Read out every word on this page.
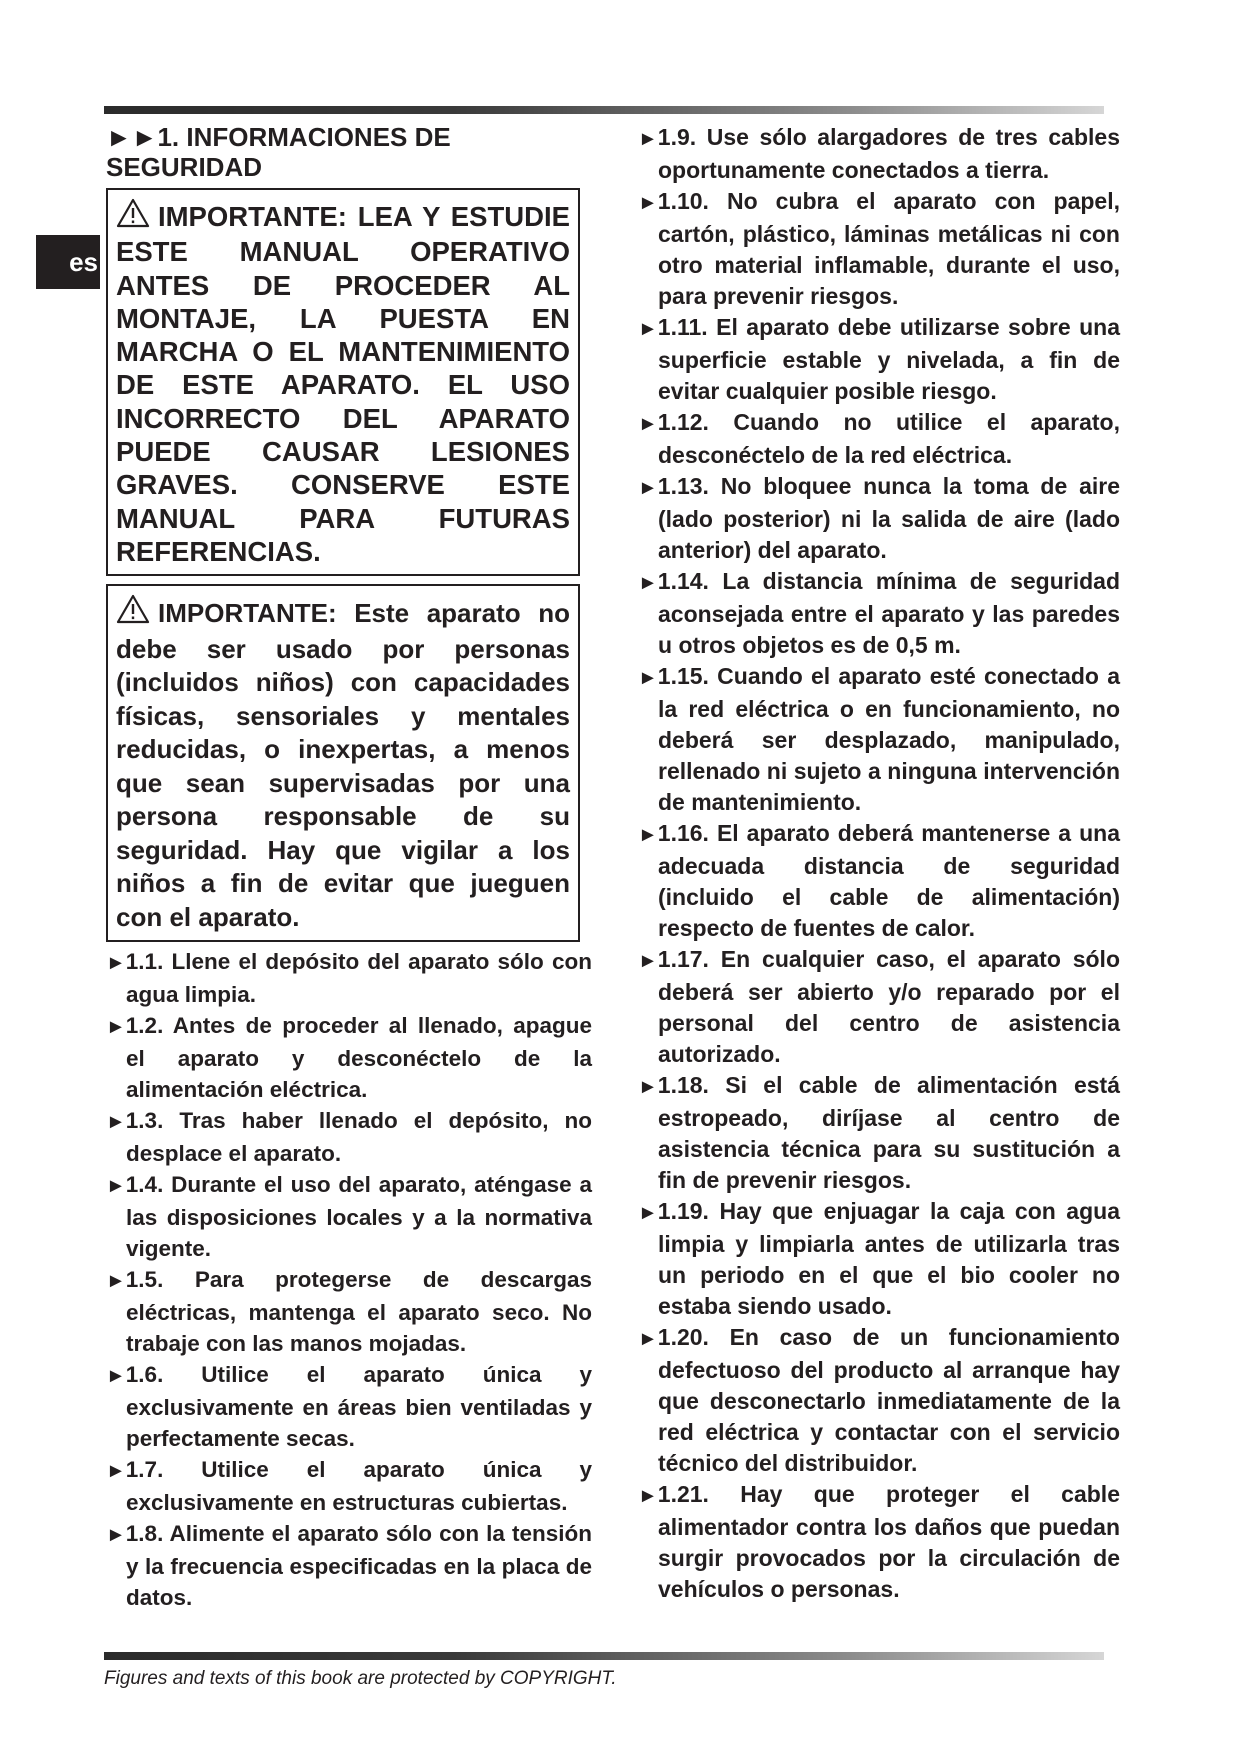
es
►►1. INFORMACIONES DE
SEGURIDAD
IMPORTANTE: LEA Y ESTUDIE ESTE MANUAL OPERATIVO ANTES DE PROCEDER AL MONTAJE, LA PUESTA EN MARCHA O EL MANTENIMIENTO DE ESTE APARATO. EL USO INCORRECTO DEL APARATO PUEDE CAUSAR LESIONES GRAVES. CONSERVE ESTE MANUAL PARA FUTURAS REFERENCIAS.
IMPORTANTE: Este aparato no debe ser usado por personas (incluidos niños) con capacidades físicas, sensoriales y mentales reducidas, o inexpertas, a menos que sean supervisadas por una persona responsable de su seguridad. Hay que vigilar a los niños a fin de evitar que jueguen con el aparato.

►1.1. Llene el depósito del aparato sólo con agua limpia.

►1.2. Antes de proceder al llenado, apague el aparato y desconéctelo de la alimentación eléctrica.

►1.3. Tras haber llenado el depósito, no desplace el aparato.

►1.4. Durante el uso del aparato, aténgase a las disposiciones locales y a la normativa vigente.

►1.5. Para protegerse de descargas eléctricas, mantenga el aparato seco. No trabaje con las manos mojadas.

►1.6. Utilice el aparato única y exclusivamente en áreas bien ventiladas y perfectamente secas.

►1.7. Utilice el aparato única y exclusivamente en estructuras cubiertas.

►1.8. Alimente el aparato sólo con la tensión y la frecuencia especificadas en la placa de datos.

►1.9. Use sólo alargadores de tres cables oportunamente conectados a tierra.

►1.10. No cubra el aparato con papel, cartón, plástico, láminas metálicas ni con otro material inflamable, durante el uso, para prevenir riesgos.

►1.11. El aparato debe utilizarse sobre una superficie estable y nivelada, a fin de evitar cualquier posible riesgo.

►1.12. Cuando no utilice el aparato, desconéctelo de la red eléctrica.

►1.13. No bloquee nunca la toma de aire (lado posterior) ni la salida de aire (lado anterior) del aparato.

►1.14. La distancia mínima de seguridad aconsejada entre el aparato y las paredes u otros objetos es de 0,5 m.

►1.15. Cuando el aparato esté conectado a la red eléctrica o en funcionamiento, no deberá ser desplazado, manipulado, rellenado ni sujeto a ninguna intervención de mantenimiento.

►1.16. El aparato deberá mantenerse a una adecuada distancia de seguridad (incluido el cable de alimentación) respecto de fuentes de calor.

►1.17. En cualquier caso, el aparato sólo deberá ser abierto y/o reparado por el personal del centro de asistencia autorizado.

►1.18. Si el cable de alimentación está estropeado, diríjase al centro de asistencia técnica para su sustitución a fin de prevenir riesgos.

►1.19. Hay que enjuagar la caja con agua limpia y limpiarla antes de utilizarla tras un periodo en el que el bio cooler no estaba siendo usado.

►1.20. En caso de un funcionamiento defectuoso del producto al arranque hay que desconectarlo inmediatamente de la red eléctrica y contactar con el servicio técnico del distribuidor.

►1.21. Hay que proteger el cable alimentador contra los daños que puedan surgir provocados por la circulación de vehículos o personas.

Figures and texts of this book are protected by COPYRIGHT.
